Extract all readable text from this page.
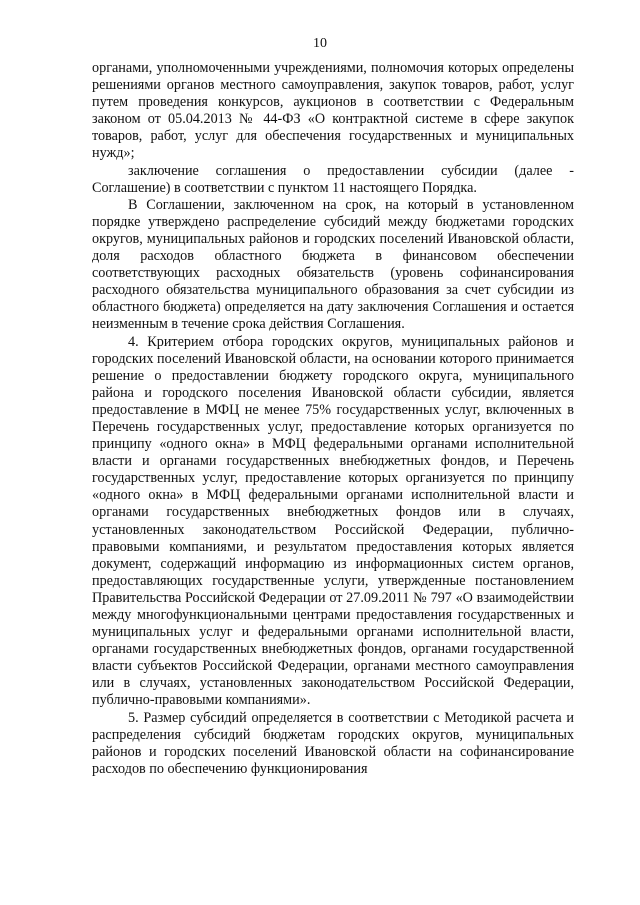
10

органами, уполномоченными учреждениями, полномочия которых определены решениями органов местного самоуправления, закупок товаров, работ, услуг путем проведения конкурсов, аукционов в соответствии с Федеральным законом от 05.04.2013 № 44-ФЗ «О контрактной системе в сфере закупок товаров, работ, услуг для обеспечения государственных и муниципальных нужд»;

заключение соглашения о предоставлении субсидии (далее - Соглашение) в соответствии с пунктом 11 настоящего Порядка.

В Соглашении, заключенном на срок, на который в установленном порядке утверждено распределение субсидий между бюджетами городских округов, муниципальных районов и городских поселений Ивановской области, доля расходов областного бюджета в финансовом обеспечении соответствующих расходных обязательств (уровень софинансирования расходного обязательства муниципального образования за счет субсидии из областного бюджета) определяется на дату заключения Соглашения и остается неизменным в течение срока действия Соглашения.

4. Критерием отбора городских округов, муниципальных районов и городских поселений Ивановской области, на основании которого принимается решение о предоставлении бюджету городского округа, муниципального района и городского поселения Ивановской области субсидии, является предоставление в МФЦ не менее 75% государственных услуг, включенных в Перечень государственных услуг, предоставление которых организуется по принципу «одного окна» в МФЦ федеральными органами исполнительной власти и органами государственных внебюджетных фондов, и Перечень государственных услуг, предоставление которых организуется по принципу «одного окна» в МФЦ федеральными органами исполнительной власти и органами государственных внебюджетных фондов или в случаях, установленных законодательством Российской Федерации, публично-правовыми компаниями, и результатом предоставления которых является документ, содержащий информацию из информационных систем органов, предоставляющих государственные услуги, утвержденные постановлением Правительства Российской Федерации от 27.09.2011 № 797 «О взаимодействии между многофункциональными центрами предоставления государственных и муниципальных услуг и федеральными органами исполнительной власти, органами государственных внебюджетных фондов, органами государственной власти субъектов Российской Федерации, органами местного самоуправления или в случаях, установленных законодательством Российской Федерации, публично-правовыми компаниями».

5. Размер субсидий определяется в соответствии с Методикой расчета и распределения субсидий бюджетам городских округов, муниципальных районов и городских поселений Ивановской области на софинансирование расходов по обеспечению функционирования
